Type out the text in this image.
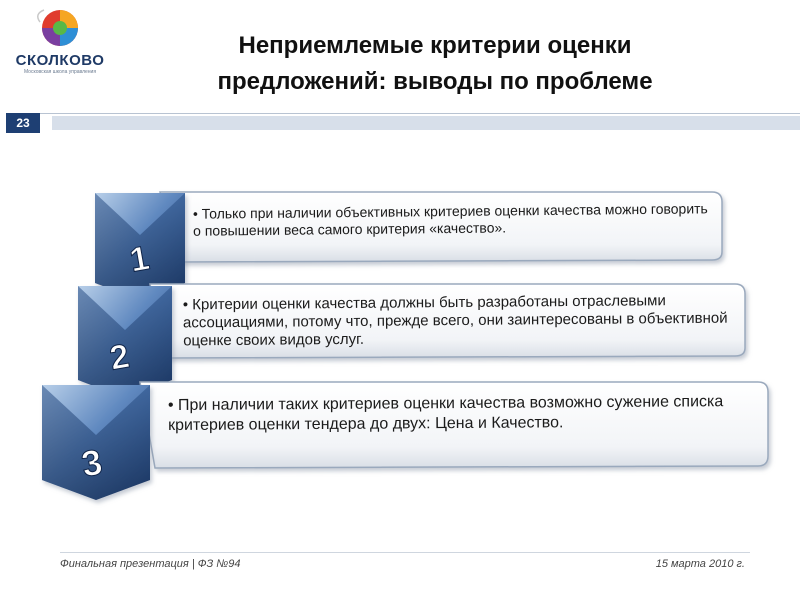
СКОЛКОВО
Московская школа управления
Неприемлемые критерии оценки
предложений: выводы по проблеме
23
1
2
3
• Только при наличии объективных критериев оценки качества можно говорить о повышении веса самого критерия «качество».
• Критерии оценки качества должны быть разработаны отраслевыми ассоциациями, потому что, прежде всего, они заинтересованы в объективной оценке своих видов услуг.
• При наличии таких критериев оценки качества возможно сужение списка критериев оценки тендера до двух: Цена и Качество.
Финальная презентация | ФЗ №94	15 марта 2010 г.
